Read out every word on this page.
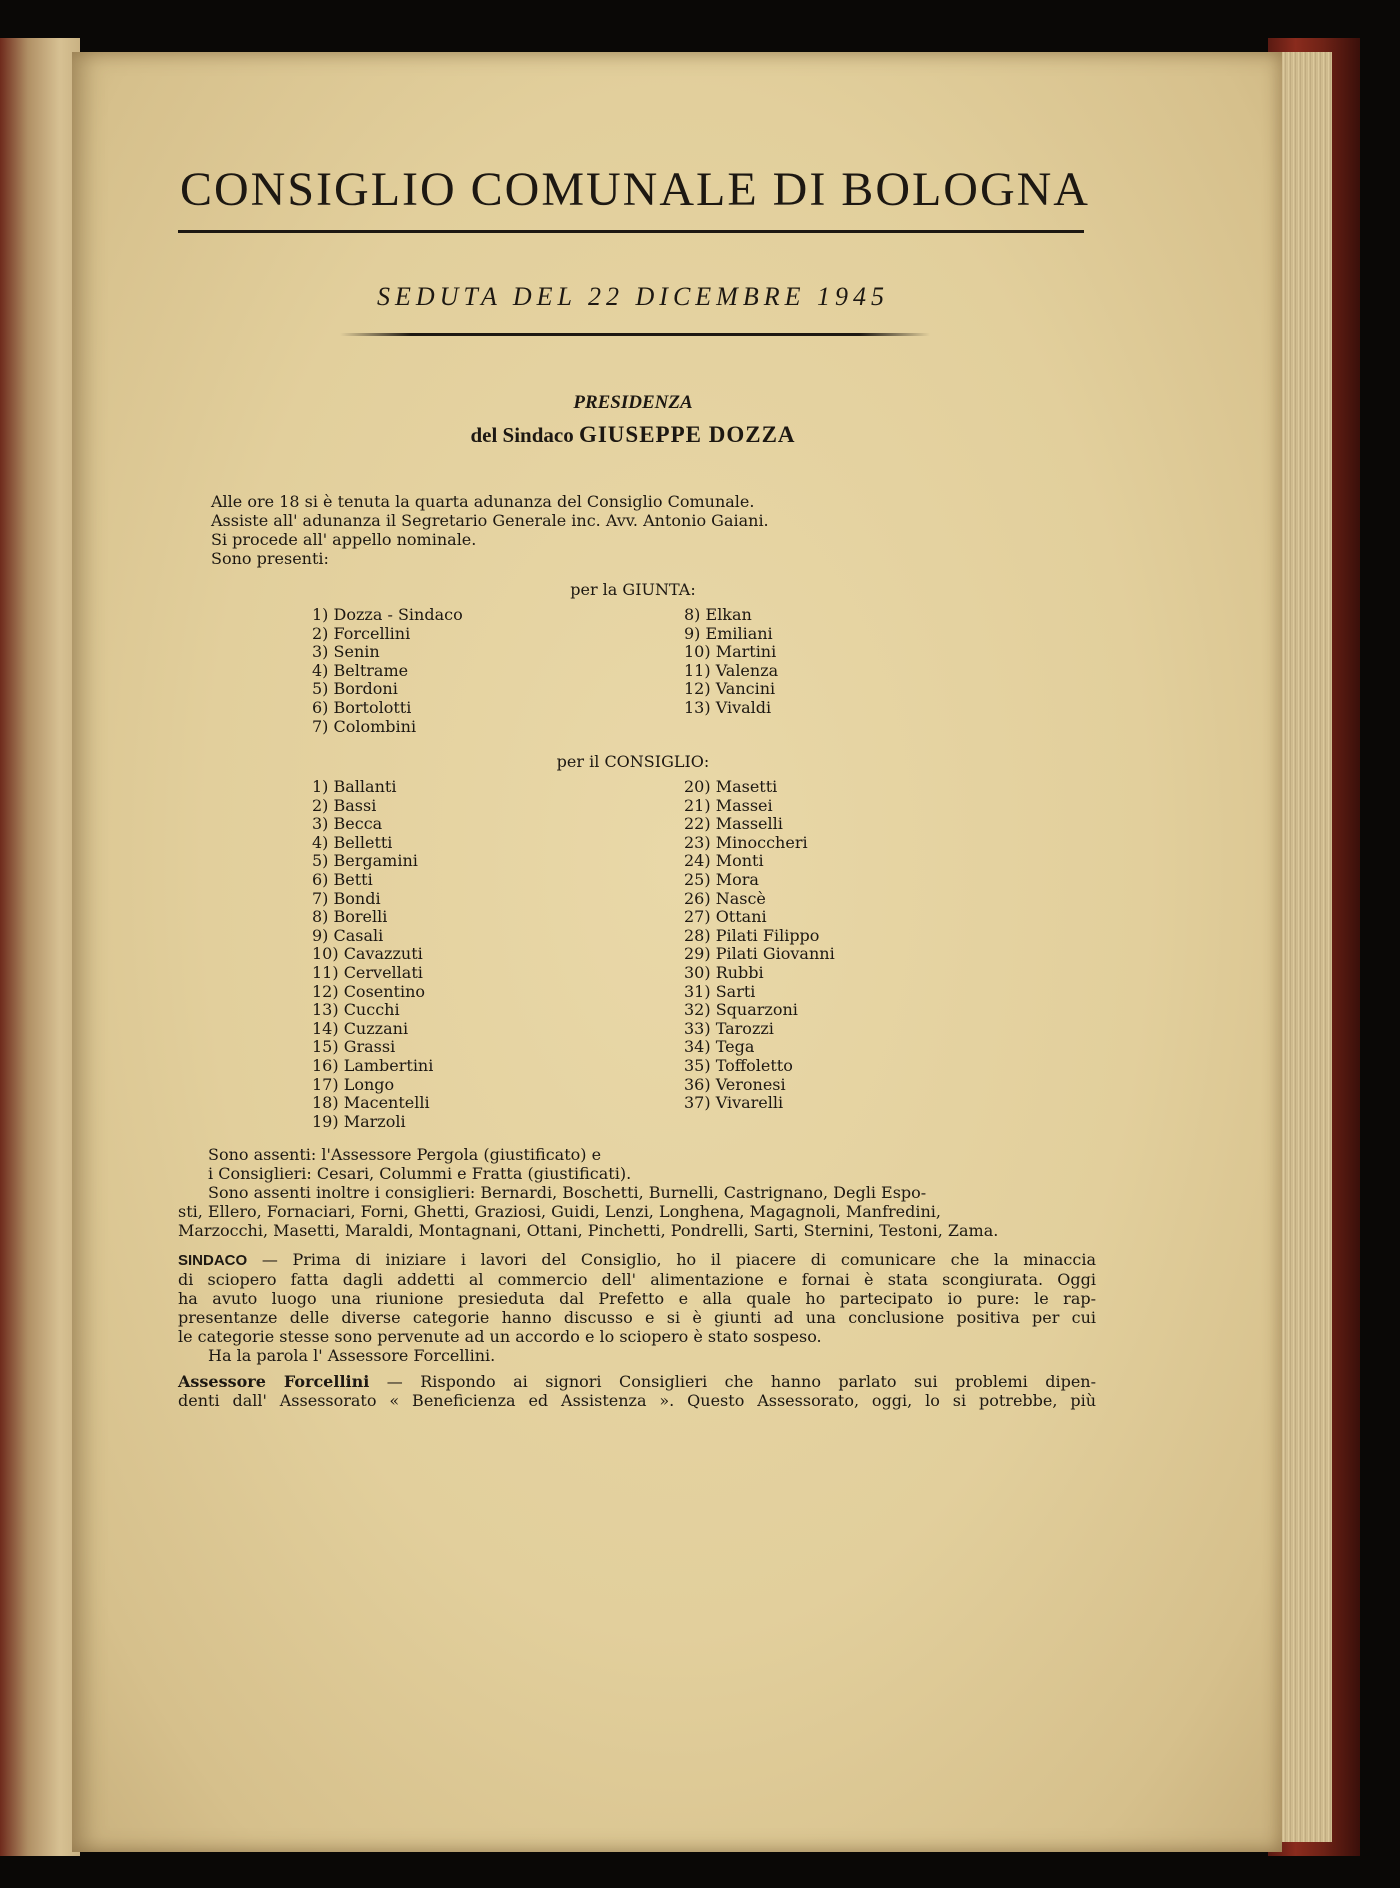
CONSIGLIO COMUNALE DI BOLOGNA
SEDUTA DEL 22 DICEMBRE 1945
PRESIDENZA
del Sindaco GIUSEPPE DOZZA
Alle ore 18 si è tenuta la quarta adunanza del Consiglio Comunale.
Assiste all' adunanza il Segretario Generale inc. Avv. Antonio Gaiani.
Si procede all' appello nominale.
Sono presenti:
per la GIUNTA:
1) Dozza - Sindaco
2) Forcellini
3) Senin
4) Beltrame
5) Bordoni
6) Bortolotti
7) Colombini
8) Elkan
9) Emiliani
10) Martini
11) Valenza
12) Vancini
13) Vivaldi
per il CONSIGLIO:
1) Ballanti
2) Bassi
3) Becca
4) Belletti
5) Bergamini
6) Betti
7) Bondi
8) Borelli
9) Casali
10) Cavazzuti
11) Cervellati
12) Cosentino
13) Cucchi
14) Cuzzani
15) Grassi
16) Lambertini
17) Longo
18) Macentelli
19) Marzoli
20) Masetti
21) Massei
22) Masselli
23) Minoccheri
24) Monti
25) Mora
26) Nascè
27) Ottani
28) Pilati Filippo
29) Pilati Giovanni
30) Rubbi
31) Sarti
32) Squarzoni
33) Tarozzi
34) Tega
35) Toffoletto
36) Veronesi
37) Vivarelli
Sono assenti: l'Assessore Pergola (giustificato) e
i Consiglieri: Cesari, Colummi e Fratta (giustificati).
Sono assenti inoltre i consiglieri: Bernardi, Boschetti, Burnelli, Castrignano, Degli Espo-
sti, Ellero, Fornaciari, Forni, Ghetti, Graziosi, Guidi, Lenzi, Longhena, Magagnoli, Manfredini,
Marzocchi, Masetti, Maraldi, Montagnani, Ottani, Pinchetti, Pondrelli, Sarti, Sternini, Testoni, Zama.
SINDACO — Prima di iniziare i lavori del Consiglio, ho il piacere di comunicare che la minaccia
di sciopero fatta dagli addetti al commercio dell' alimentazione e fornai è stata scongiurata. Oggi
ha avuto luogo una riunione presieduta dal Prefetto e alla quale ho partecipato io pure: le rap-
presentanze delle diverse categorie hanno discusso e si è giunti ad una conclusione positiva per cui
le categorie stesse sono pervenute ad un accordo e lo sciopero è stato sospeso.
Ha la parola l' Assessore Forcellini.
Assessore Forcellini — Rispondo ai signori Consiglieri che hanno parlato sui problemi dipen-
denti dall' Assessorato « Beneficienza ed Assistenza ». Questo Assessorato, oggi, lo si potrebbe, più
